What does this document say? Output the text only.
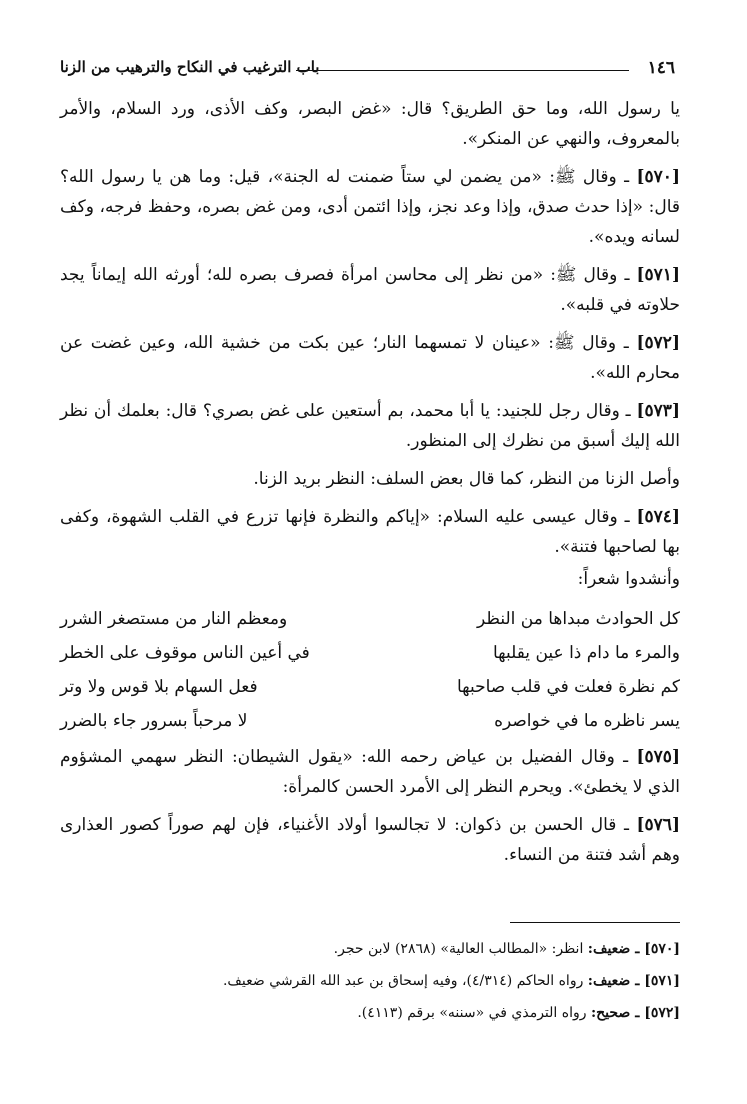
١٤٦
باب الترغيب في النكاح والترهيب من الزنا

يا رسول الله، وما حق الطريق؟ قال: «غض البصر، وكف الأذى، ورد السلام، والأمر بالمعروف، والنهي عن المنكر».

[٥٧٠] ـ وقال ﷺ: «من يضمن لي ستاً ضمنت له الجنة»، قيل: وما هن يا رسول الله؟ قال: «إذا حدث صدق، وإذا وعد نجز، وإذا ائتمن أدى، ومن غض بصره، وحفظ فرجه، وكف لسانه ويده».

[٥٧١] ـ وقال ﷺ: «من نظر إلى محاسن امرأة فصرف بصره لله؛ أورثه الله إيماناً يجد حلاوته في قلبه».

[٥٧٢] ـ وقال ﷺ: «عينان لا تمسهما النار؛ عين بكت من خشية الله، وعين غضت عن محارم الله».

[٥٧٣] ـ وقال رجل للجنيد: يا أبا محمد، بم أستعين على غض بصري؟ قال: بعلمك أن نظر الله إليك أسبق من نظرك إلى المنظور.

وأصل الزنا من النظر، كما قال بعض السلف: النظر بريد الزنا.

[٥٧٤] ـ وقال عيسى عليه السلام: «إياكم والنظرة فإنها تزرع في القلب الشهوة، وكفى بها لصاحبها فتنة».

وأنشدوا شعراً:

كل الحوادث مبداها من النظر
ومعظم النار من مستصغر الشرر
والمرء ما دام ذا عين يقلبها
في أعين الناس موقوف على الخطر
كم نظرة فعلت في قلب صاحبها
فعل السهام بلا قوس ولا وتر
يسر ناظره ما في خواصره
لا مرحباً بسرور جاء بالضرر

[٥٧٥] ـ وقال الفضيل بن عياض رحمه الله: «يقول الشيطان: النظر سهمي المشؤوم الذي لا يخطئ». ويحرم النظر إلى الأمرد الحسن كالمرأة:

[٥٧٦] ـ قال الحسن بن ذكوان: لا تجالسوا أولاد الأغنياء، فإن لهم صوراً كصور العذارى وهم أشد فتنة من النساء.

[٥٧٠] ـ ضعيف: انظر: «المطالب العالية» (٢٨٦٨) لابن حجر.
[٥٧١] ـ ضعيف: رواه الحاكم (٤/٣١٤)، وفيه إسحاق بن عبد الله القرشي ضعيف.
[٥٧٢] ـ صحيح: رواه الترمذي في «سننه» برقم (٤١١٣).
